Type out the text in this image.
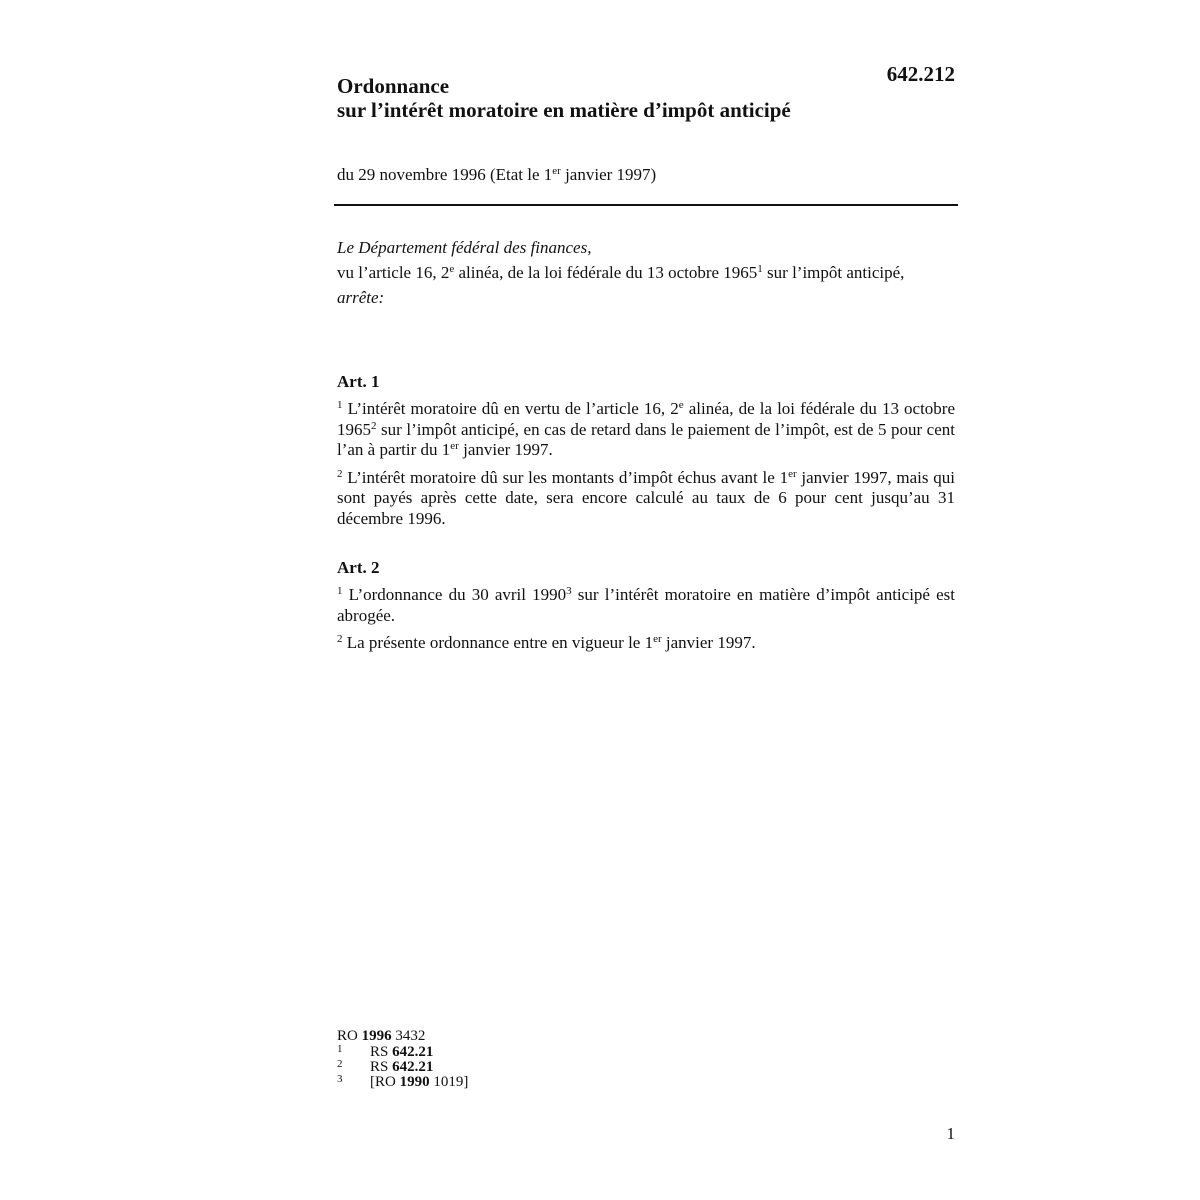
642.212
Ordonnance
sur l’intérêt moratoire en matière d’impôt anticipé
du 29 novembre 1996 (Etat le 1er janvier 1997)
Le Département fédéral des finances,
vu l’article 16, 2e alinéa, de la loi fédérale du 13 octobre 1965$^1$ sur l’impôt anticipé,
arrête:
Art. 1

$^1$ L’intérêt moratoire dû en vertu de l’article 16, 2e alinéa, de la loi fédérale du 13 octobre 1965$^2$ sur l’impôt anticipé, en cas de retard dans le paiement de l’impôt, est de 5 pour cent l’an à partir du 1er janvier 1997.

$^2$ L’intérêt moratoire dû sur les montants d’impôt échus avant le 1er janvier 1997, mais qui sont payés après cette date, sera encore calculé au taux de 6 pour cent jusqu’au 31 décembre 1996.

Art. 2

$^1$ L’ordonnance du 30 avril 1990$^3$ sur l’intérêt moratoire en matière d’impôt anticipé est abrogée.

$^2$ La présente ordonnance entre en vigueur le 1er janvier 1997.

RO 1996 3432
1 RS 642.21
2 RS 642.21
3 [RO 1990 1019]
1
